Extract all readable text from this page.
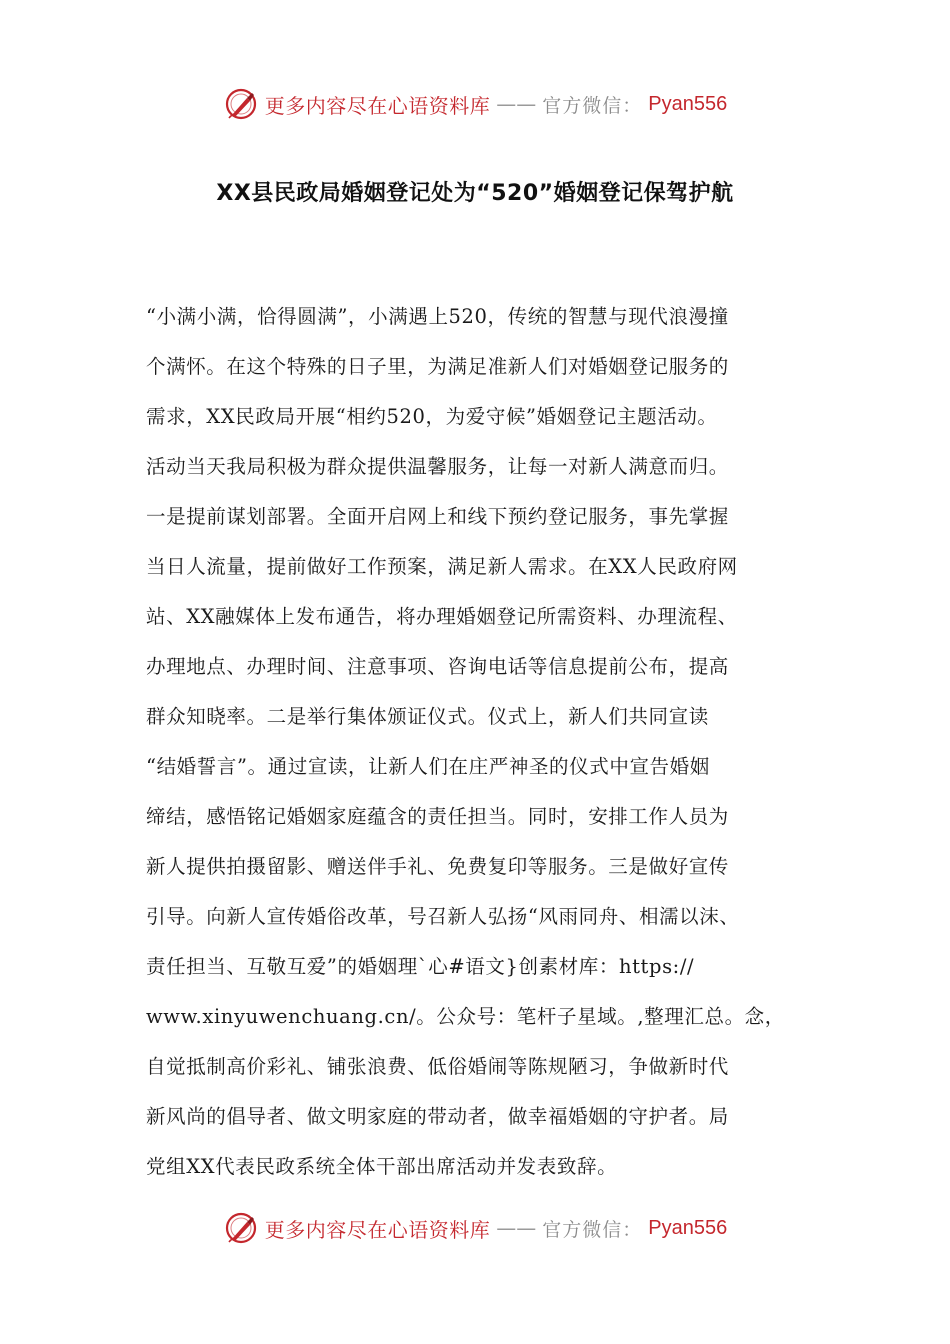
更多内容尽在心语资料库 —— 官方微信： Pyan556
XX县民政局婚姻登记处为“520”婚姻登记保驾护航
“小满小满，恰得圆满”，小满遇上520，传统的智慧与现代浪漫撞
个满怀。在这个特殊的日子里，为满足准新人们对婚姻登记服务的
需求，XX民政局开展“相约520，为爱守候”婚姻登记主题活动。
活动当天我局积极为群众提供温馨服务，让每一对新人满意而归。
一是提前谋划部署。全面开启网上和线下预约登记服务，事先掌握
当日人流量，提前做好工作预案，满足新人需求。在XX人民政府网
站、XX融媒体上发布通告，将办理婚姻登记所需资料、办理流程、
办理地点、办理时间、注意事项、咨询电话等信息提前公布，提高
群众知晓率。二是举行集体颁证仪式。仪式上，新人们共同宣读
“结婚誓言”。通过宣读，让新人们在庄严神圣的仪式中宣告婚姻
缔结，感悟铭记婚姻家庭蕴含的责任担当。同时，安排工作人员为
新人提供拍摄留影、赠送伴手礼、免费复印等服务。三是做好宣传
引导。向新人宣传婚俗改革，号召新人弘扬“风雨同舟、相濡以沫、
责任担当、互敬互爱”的婚姻理`心#语文}创素材库：https://
www.xinyuwenchuang.cn/。公众号：笔杆子星域。,整理汇总。念，
自觉抵制高价彩礼、铺张浪费、低俗婚闹等陈规陋习，争做新时代
新风尚的倡导者、做文明家庭的带动者，做幸福婚姻的守护者。局
党组XX代表民政系统全体干部出席活动并发表致辞。
更多内容尽在心语资料库 —— 官方微信： Pyan556
